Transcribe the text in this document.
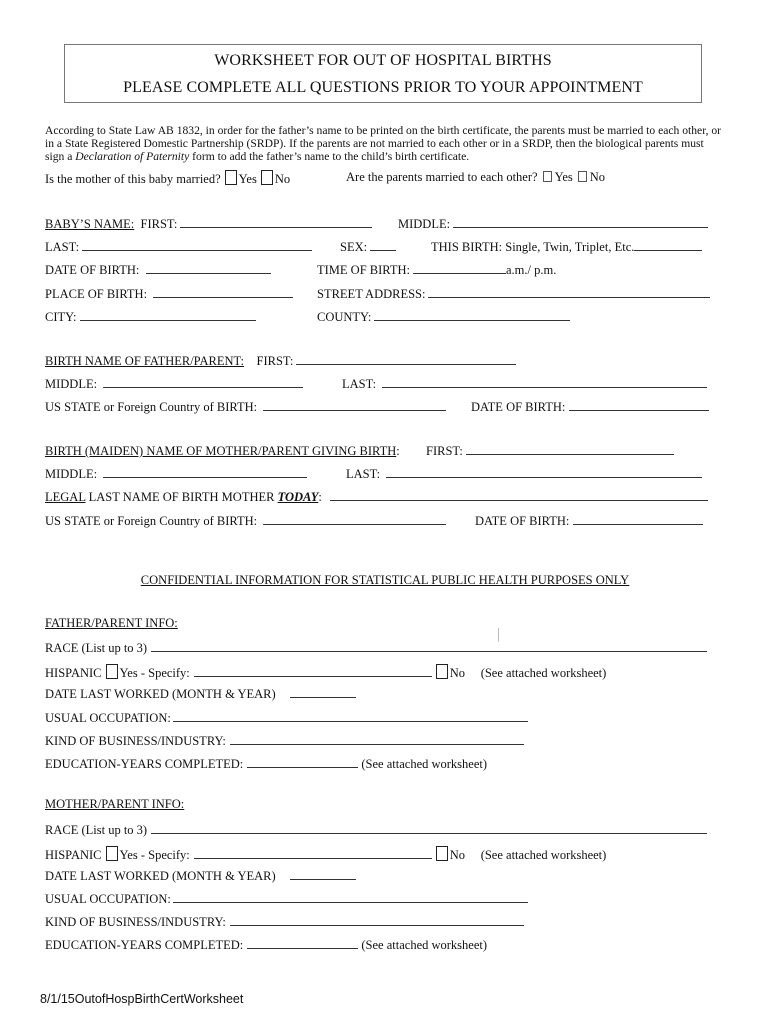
WORKSHEET FOR OUT OF HOSPITAL BIRTHS
PLEASE COMPLETE ALL QUESTIONS PRIOR TO YOUR APPOINTMENT
According to State Law AB 1832, in order for the father’s name to be printed on the birth certificate, the parents must be married to each other, or in a State Registered Domestic Partnership (SRDP). If the parents are not married to each other or in a SRDP, then the biological parents must sign a Declaration of Paternity form to add the father’s name to the child’s birth certificate.
Is the mother of this baby married? Yes No	Are the parents married to each other? Yes No
BABY’S NAME: FIRST:	MIDDLE:
LAST:	SEX:	THIS BIRTH: Single, Twin, Triplet, Etc.
DATE OF BIRTH:	TIME OF BIRTH:	a.m./ p.m.
PLACE OF BIRTH:	STREET ADDRESS:
CITY:	COUNTY:
BIRTH NAME OF FATHER/PARENT: FIRST:
MIDDLE:	LAST:
US STATE or Foreign Country of BIRTH:	DATE OF BIRTH:
BIRTH (MAIDEN) NAME OF MOTHER/PARENT GIVING BIRTH: FIRST:
MIDDLE:	LAST:
LEGAL LAST NAME OF BIRTH MOTHER TODAY:
US STATE or Foreign Country of BIRTH:	DATE OF BIRTH:
CONFIDENTIAL INFORMATION FOR STATISTICAL PUBLIC HEALTH PURPOSES ONLY
FATHER/PARENT INFO:
RACE (List up to 3)
HISPANIC Yes - Specify:	No (See attached worksheet)
DATE LAST WORKED (MONTH & YEAR)
USUAL OCCUPATION:
KIND OF BUSINESS/INDUSTRY:
EDUCATION-YEARS COMPLETED:	(See attached worksheet)
MOTHER/PARENT INFO:
RACE (List up to 3)
HISPANIC Yes - Specify:	No (See attached worksheet)
DATE LAST WORKED (MONTH & YEAR)
USUAL OCCUPATION:
KIND OF BUSINESS/INDUSTRY:
EDUCATION-YEARS COMPLETED:	(See attached worksheet)
8/1/15OutofHospBirthCertWorksheet
